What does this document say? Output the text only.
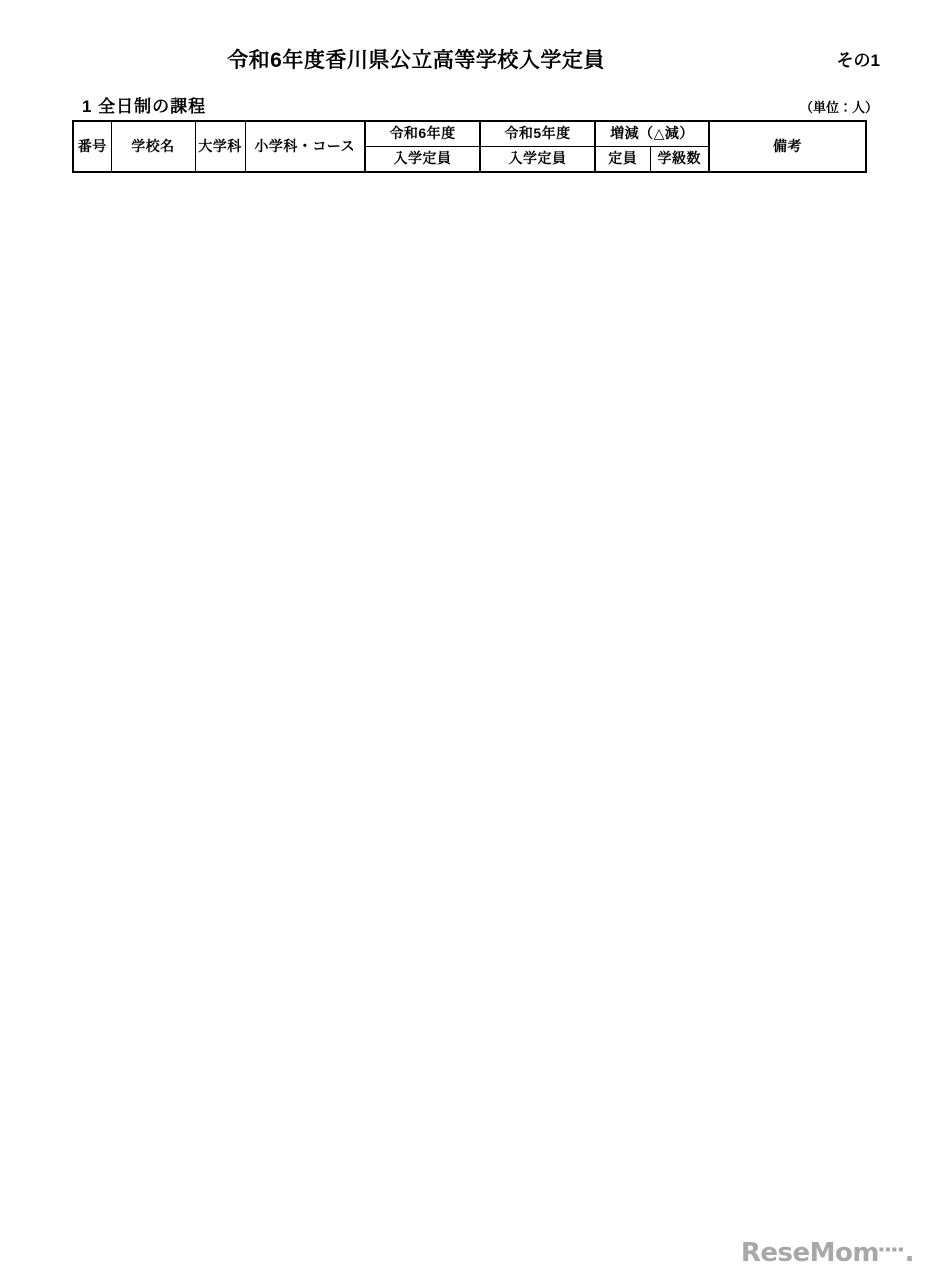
令和6年度香川県公立高等学校入学定員	その1
1 全日制の課程	（単位：人）
番号	学校名	大学科	小学科・コース	令和6年度	令和5年度	増減（△減）		備考
				入学定員	入学定員	定員	学級数	
ReseMom▪▪▪▪.
